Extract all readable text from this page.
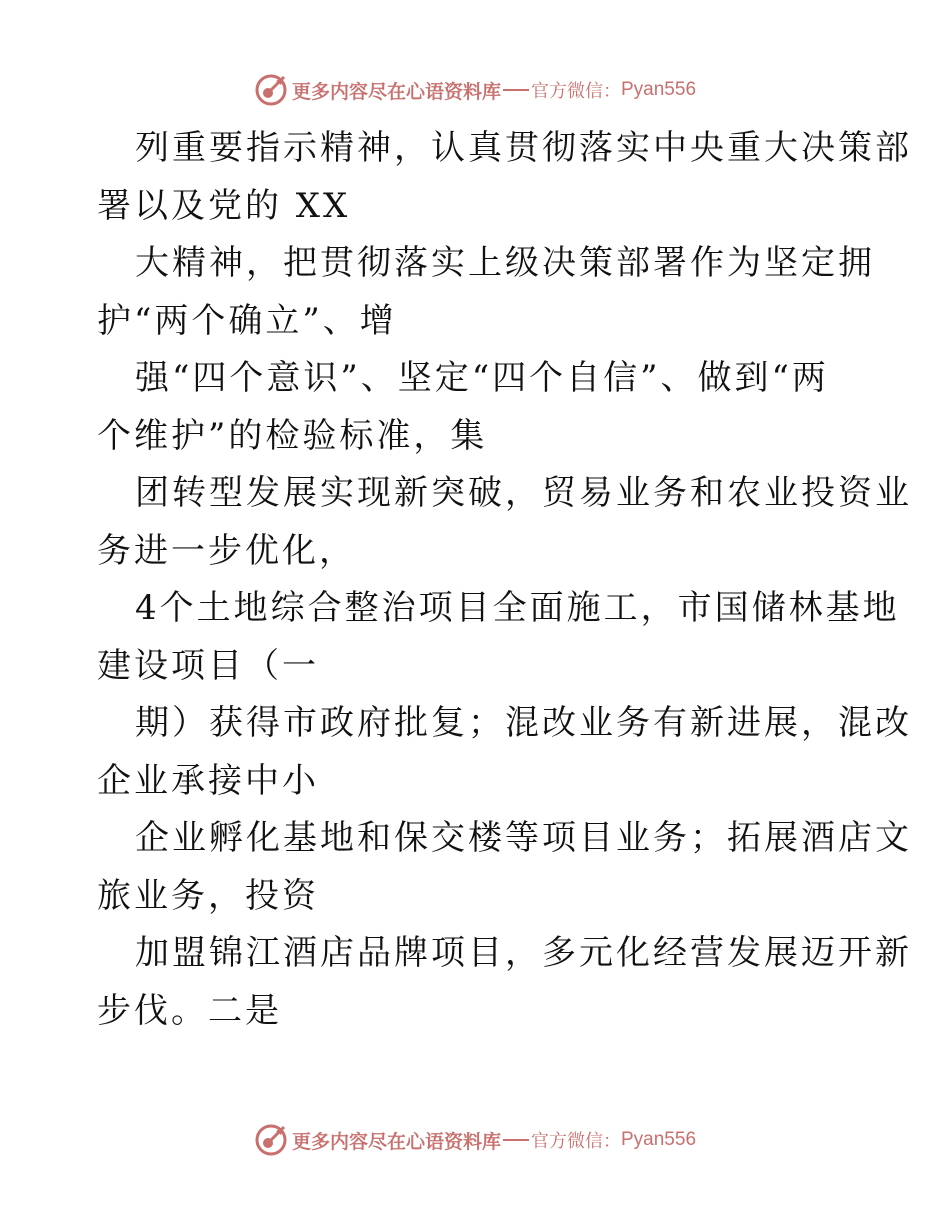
更多内容尽在心语资料库 官方微信： Pyan556
列重要指示精神，认真贯彻落实中央重大决策部
署以及党的 XX
大精神，把贯彻落实上级决策部署作为坚定拥
护“两个确立”、增
强“四个意识”、坚定“四个自信”、做到“两
个维护”的检验标准，集
团转型发展实现新突破，贸易业务和农业投资业
务进一步优化，
4个土地综合整治项目全面施工，市国储林基地
建设项目（一
期）获得市政府批复；混改业务有新进展，混改
企业承接中小
企业孵化基地和保交楼等项目业务；拓展酒店文
旅业务，投资
加盟锦江酒店品牌项目，多元化经营发展迈开新
步伐。二是
更多内容尽在心语资料库 官方微信： Pyan556
